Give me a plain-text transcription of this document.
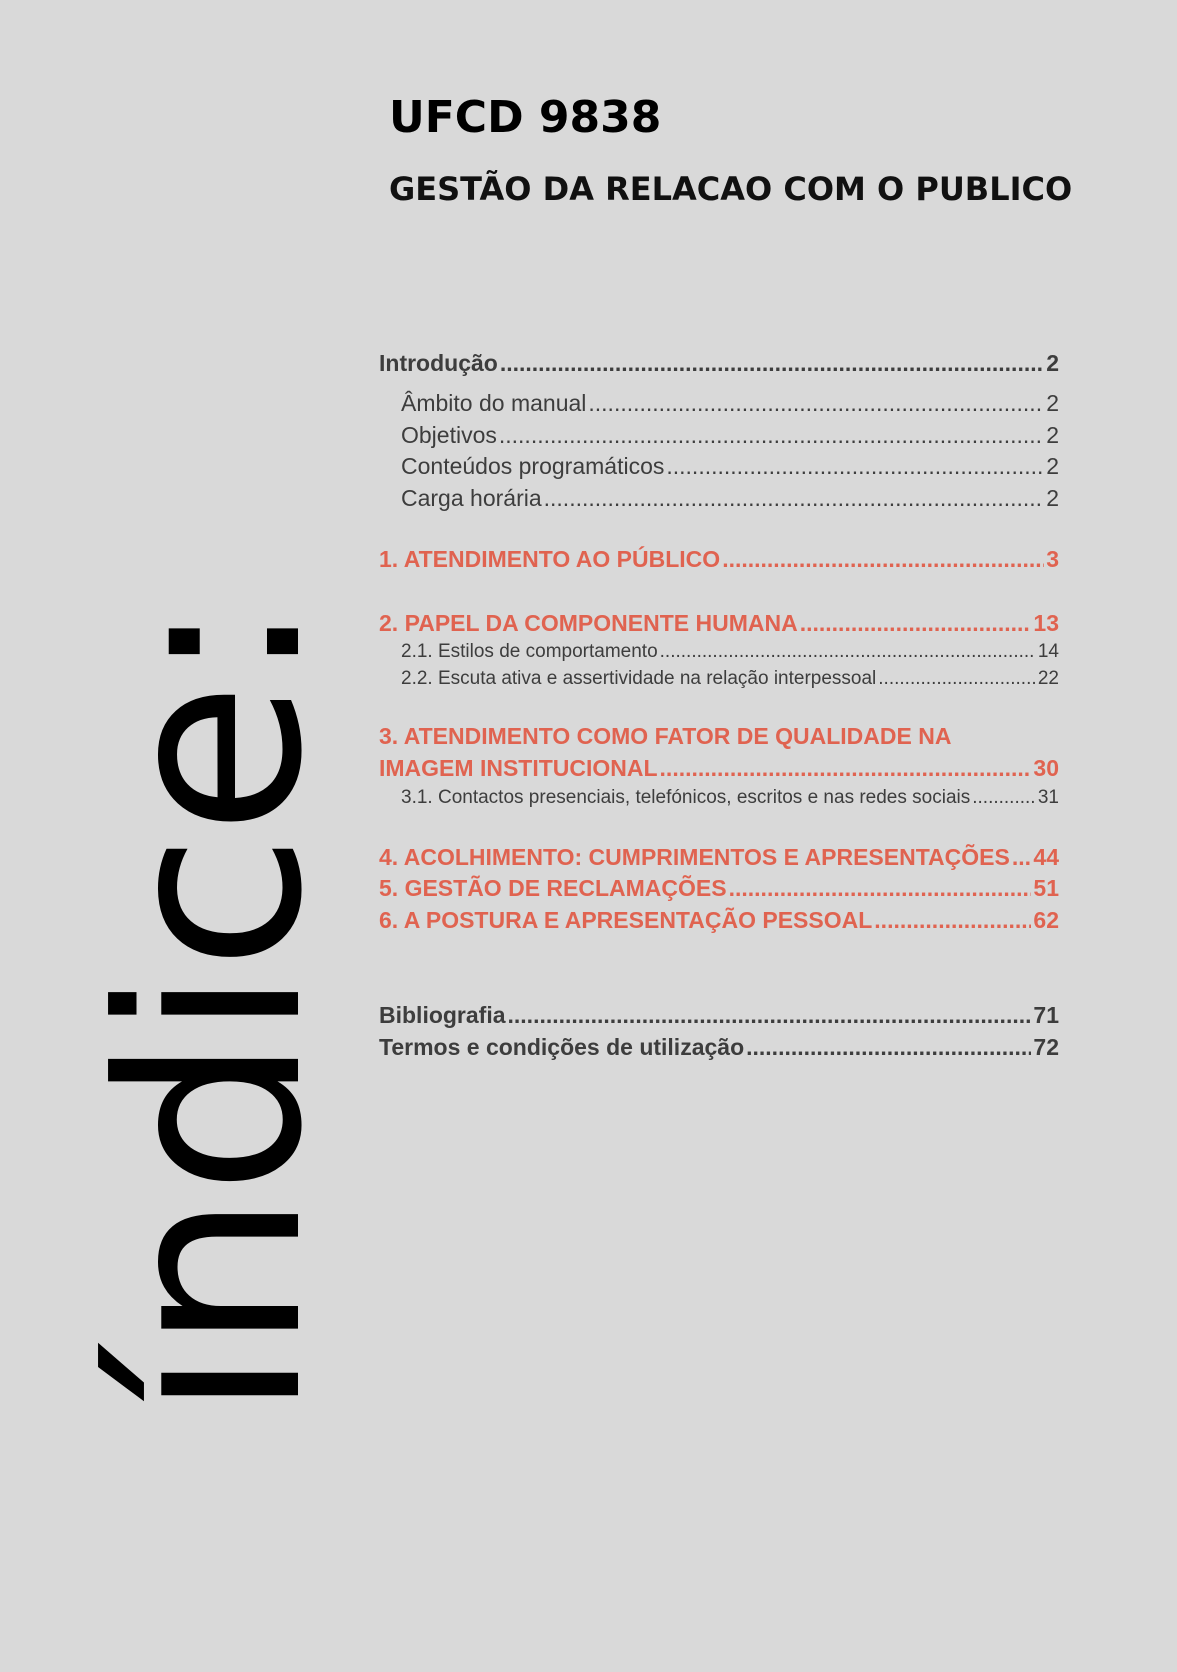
índice:
UFCD 9838
GESTÃO DA RELACAO COM O PUBLICO
Introdução .....	2
Âmbito do manual .....	2
Objetivos .....	2
Conteúdos programáticos .....	2
Carga horária .....	2
1. ATENDIMENTO AO PÚBLICO .....	3
2. PAPEL DA COMPONENTE HUMANA .....	13
2.1. Estilos de comportamento .....	14
2.2. Escuta ativa e assertividade na relação interpessoal .....	22
3. ATENDIMENTO COMO FATOR DE QUALIDADE NA
IMAGEM INSTITUCIONAL .....	30
3.1. Contactos presenciais, telefónicos, escritos e nas redes sociais .....	31
4. ACOLHIMENTO: CUMPRIMENTOS E APRESENTAÇÕES ..... 44
5. GESTÃO DE RECLAMAÇÕES .....	51
6. A POSTURA E APRESENTAÇÃO PESSOAL .....	62
Bibliografia .....	71
Termos e condições de utilização .....	72
